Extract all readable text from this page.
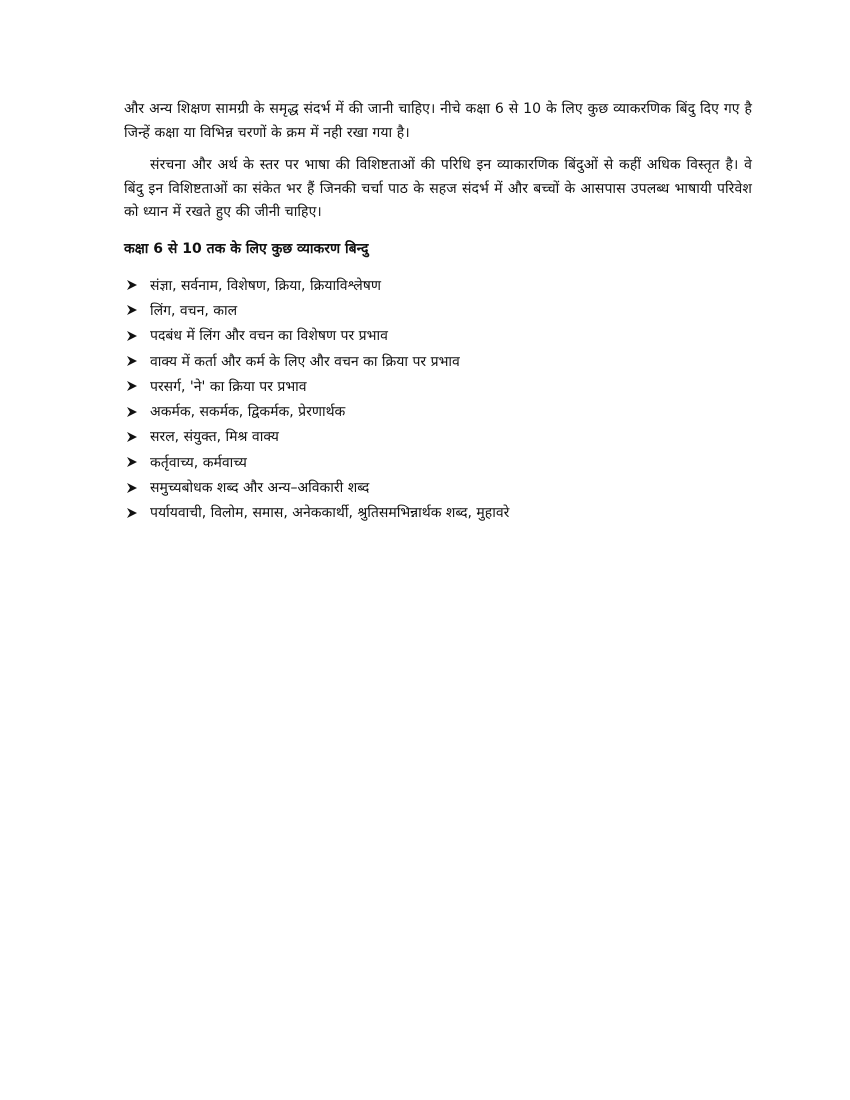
और अन्य शिक्षण सामग्री के समृद्ध संदर्भ में की जानी चाहिए। नीचे कक्षा 6 से 10 के लिए कुछ व्याकरणिक बिंदु दिए गए है जिन्हें कक्षा या विभिन्न चरणों के क्रम में नही रखा गया है।

संरचना और अर्थ के स्तर पर भाषा की विशिष्टताओं की परिधि इन व्याकारणिक बिंदुओं से कहीं अधिक विस्तृत है। वे बिंदु इन विशिष्टताओं का संकेत भर हैं जिनकी चर्चा पाठ के सहज संदर्भ में और बच्चों के आसपास उपलब्ध भाषायी परिवेश को ध्यान में रखते हुए की जीनी चाहिए।

कक्षा 6 से 10 तक के लिए कुछ व्याकरण बिन्दु
संज्ञा, सर्वनाम, विशेषण, क्रिया, क्रियाविश्लेषण
लिंग, वचन, काल
पदबंध में लिंग और वचन का विशेषण पर प्रभाव
वाक्य में कर्ता और कर्म के लिए और वचन का क्रिया पर प्रभाव
परसर्ग, 'ने' का क्रिया पर प्रभाव
अकर्मक, सकर्मक, द्विकर्मक, प्रेरणार्थक
सरल, संयुक्त, मिश्र वाक्य
कर्तृवाच्य, कर्मवाच्य
समुच्यबोधक शब्द और अन्य–अविकारी शब्द
पर्यायवाची, विलोम, समास, अनेककार्थी, श्रुतिसमभिन्नार्थक शब्द, मुहावरे
